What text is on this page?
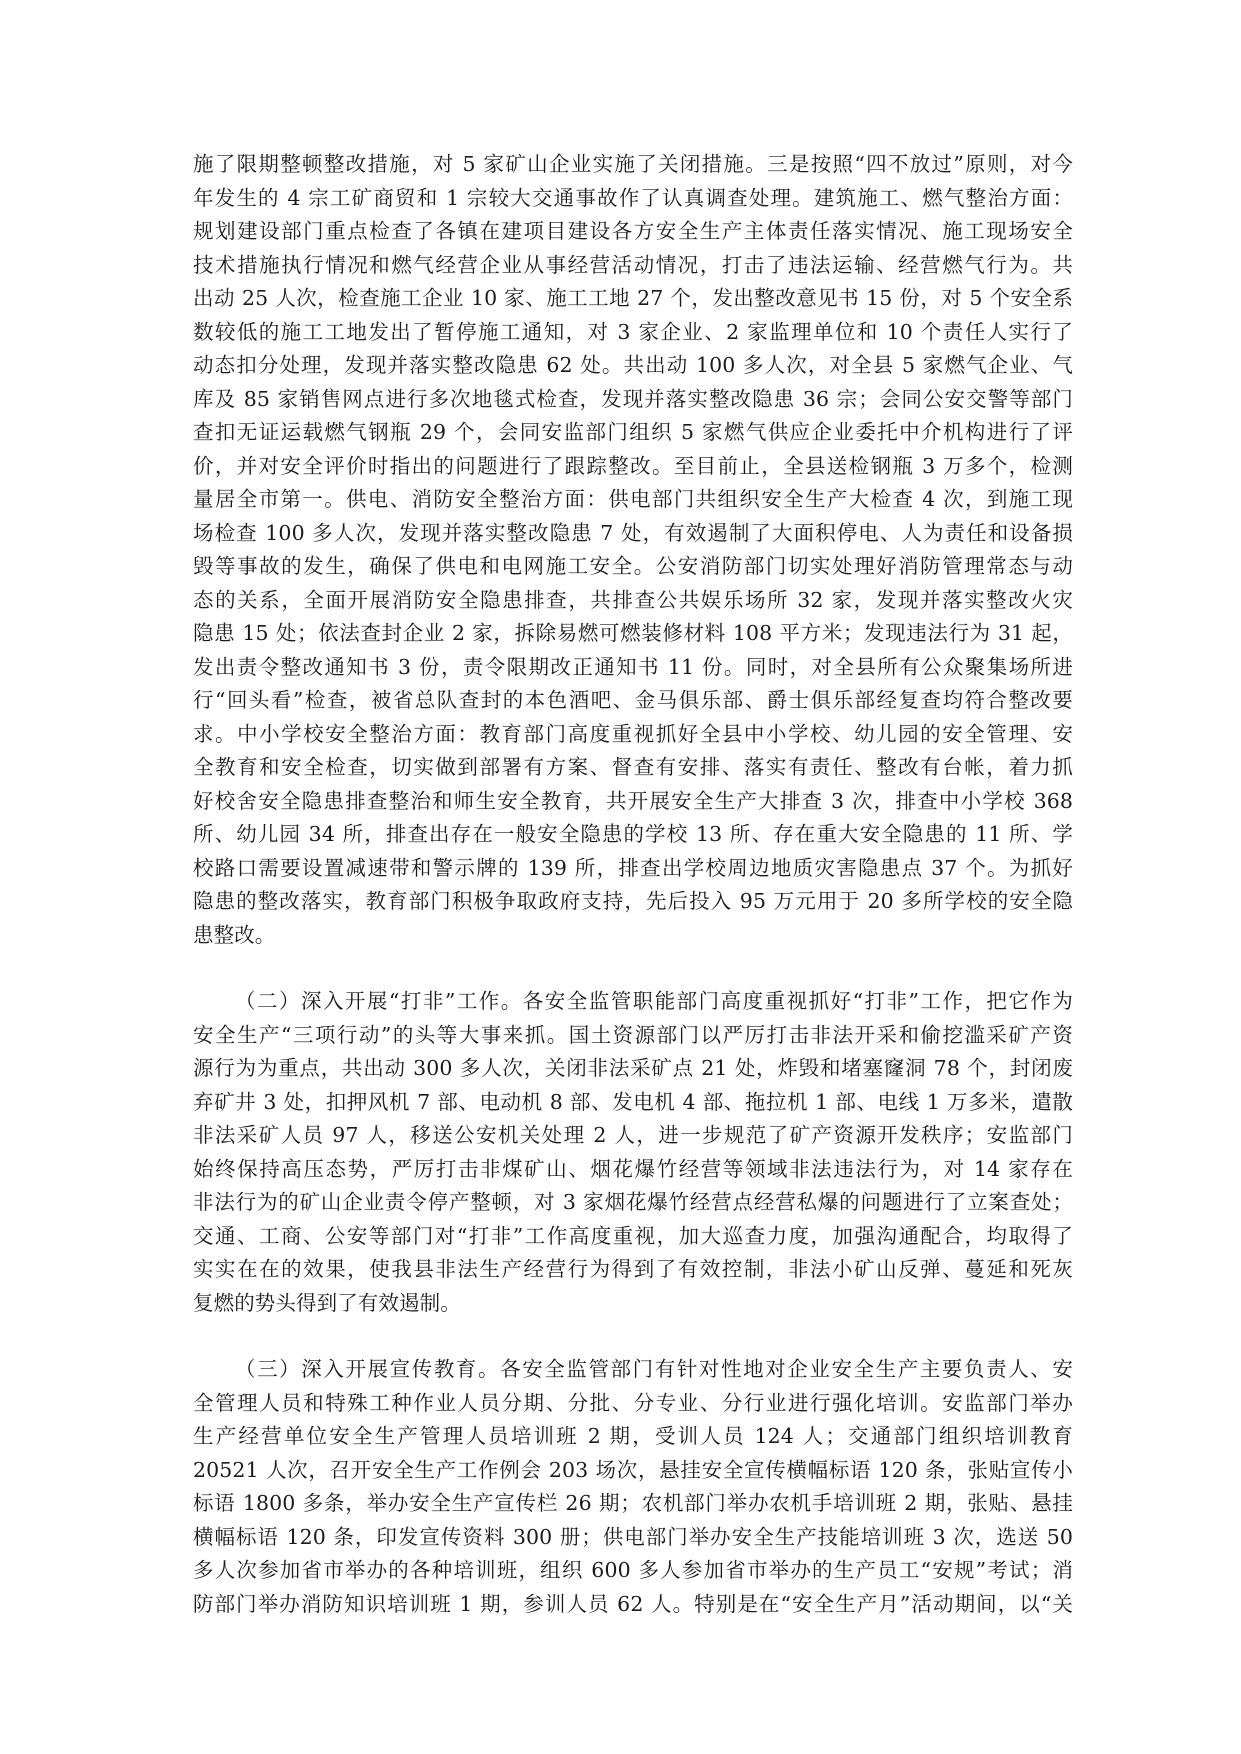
施了限期整顿整改措施，对 5 家矿山企业实施了关闭措施。三是按照“四不放过”原则，对今
年发生的 4 宗工矿商贸和 1 宗较大交通事故作了认真调查处理。建筑施工、燃气整治方面：
规划建设部门重点检查了各镇在建项目建设各方安全生产主体责任落实情况、施工现场安全
技术措施执行情况和燃气经营企业从事经营活动情况，打击了违法运输、经营燃气行为。共
出动 25 人次，检查施工企业 10 家、施工工地 27 个，发出整改意见书 15 份，对 5 个安全系
数较低的施工工地发出了暂停施工通知，对 3 家企业、2 家监理单位和 10 个责任人实行了
动态扣分处理，发现并落实整改隐患 62 处。共出动 100 多人次，对全县 5 家燃气企业、气
库及 85 家销售网点进行多次地毯式检查，发现并落实整改隐患 36 宗；会同公安交警等部门
查扣无证运载燃气钢瓶 29 个，会同安监部门组织 5 家燃气供应企业委托中介机构进行了评
价，并对安全评价时指出的问题进行了跟踪整改。至目前止，全县送检钢瓶 3 万多个，检测
量居全市第一。供电、消防安全整治方面：供电部门共组织安全生产大检查 4 次，到施工现
场检查 100 多人次，发现并落实整改隐患 7 处，有效遏制了大面积停电、人为责任和设备损
毁等事故的发生，确保了供电和电网施工安全。公安消防部门切实处理好消防管理常态与动
态的关系，全面开展消防安全隐患排查，共排查公共娱乐场所 32 家，发现并落实整改火灾
隐患 15 处；依法查封企业 2 家，拆除易燃可燃装修材料 108 平方米；发现违法行为 31 起，
发出责令整改通知书 3 份，责令限期改正通知书 11 份。同时，对全县所有公众聚集场所进
行“回头看”检查，被省总队查封的本色酒吧、金马俱乐部、爵士俱乐部经复查均符合整改要
求。中小学校安全整治方面：教育部门高度重视抓好全县中小学校、幼儿园的安全管理、安
全教育和安全检查，切实做到部署有方案、督查有安排、落实有责任、整改有台帐，着力抓
好校舍安全隐患排查整治和师生安全教育，共开展安全生产大排查 3 次，排查中小学校 368
所、幼儿园 34 所，排查出存在一般安全隐患的学校 13 所、存在重大安全隐患的 11 所、学
校路口需要设置减速带和警示牌的 139 所，排查出学校周边地质灾害隐患点 37 个。为抓好
隐患的整改落实，教育部门积极争取政府支持，先后投入 95 万元用于 20 多所学校的安全隐
患整改。
（二）深入开展“打非”工作。各安全监管职能部门高度重视抓好“打非”工作，把它作为
安全生产“三项行动”的头等大事来抓。国土资源部门以严厉打击非法开采和偷挖滥采矿产资
源行为为重点，共出动 300 多人次，关闭非法采矿点 21 处，炸毁和堵塞窿洞 78 个，封闭废
弃矿井 3 处，扣押风机 7 部、电动机 8 部、发电机 4 部、拖拉机 1 部、电线 1 万多米，遣散
非法采矿人员 97 人，移送公安机关处理 2 人，进一步规范了矿产资源开发秩序；安监部门
始终保持高压态势，严厉打击非煤矿山、烟花爆竹经营等领域非法违法行为，对 14 家存在
非法行为的矿山企业责令停产整顿，对 3 家烟花爆竹经营点经营私爆的问题进行了立案查处；
交通、工商、公安等部门对“打非”工作高度重视，加大巡查力度，加强沟通配合，均取得了
实实在在的效果，使我县非法生产经营行为得到了有效控制，非法小矿山反弹、蔓延和死灰
复燃的势头得到了有效遏制。
（三）深入开展宣传教育。各安全监管部门有针对性地对企业安全生产主要负责人、安
全管理人员和特殊工种作业人员分期、分批、分专业、分行业进行强化培训。安监部门举办
生产经营单位安全生产管理人员培训班 2 期，受训人员 124 人；交通部门组织培训教育
20521 人次，召开安全生产工作例会 203 场次，悬挂安全宣传横幅标语 120 条，张贴宣传小
标语 1800 多条，举办安全生产宣传栏 26 期；农机部门举办农机手培训班 2 期，张贴、悬挂
横幅标语 120 条，印发宣传资料 300 册；供电部门举办安全生产技能培训班 3 次，选送 50
多人次参加省市举办的各种培训班，组织 600 多人参加省市举办的生产员工“安规”考试；消
防部门举办消防知识培训班 1 期，参训人员 62 人。特别是在“安全生产月”活动期间，以“关
